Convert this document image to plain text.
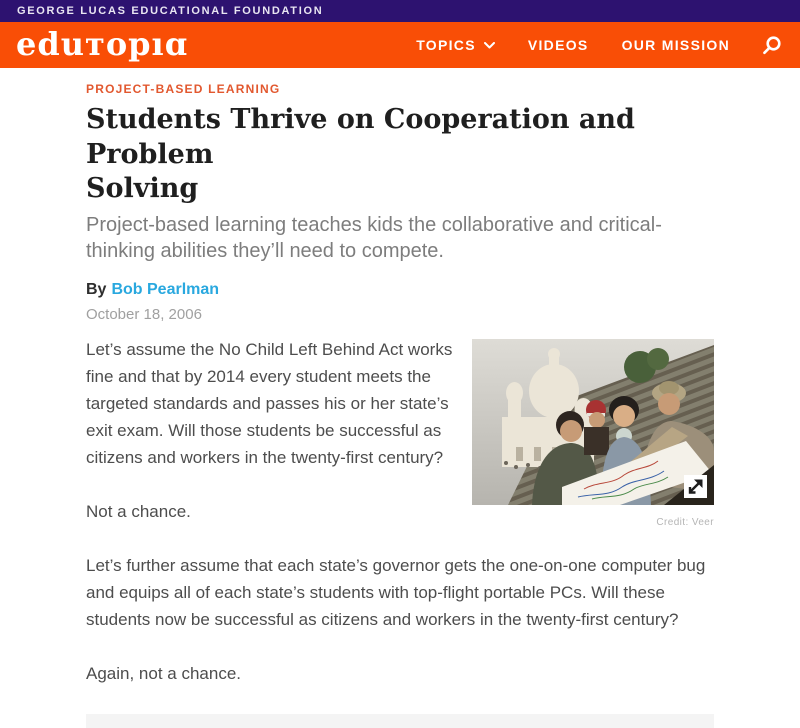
GEORGE LUCAS EDUCATIONAL FOUNDATION
eduтopıɑ	TOPICS	VIDEOS OUR MISSION
PROJECT-BASED LEARNING
Students Thrive on Cooperation and Problem
Solving

Project-based learning teaches kids the collaborative and critical-thinking abilities they’ll need to compete.

By Bob Pearlman
October 18, 2006
Credit: Veer

Let’s assume the No Child Left Behind Act works fine and that by 2014 every student meets the targeted standards and passes his or her state’s exit exam. Will those students be successful as citizens and workers in the twenty-first century?

Not a chance.

Let’s further assume that each state’s governor gets the one-on-one computer bug and equips all of each state’s students with top-flight portable PCs. Will these students now be successful as citizens and workers in the twenty-first century?

Again, not a chance.
